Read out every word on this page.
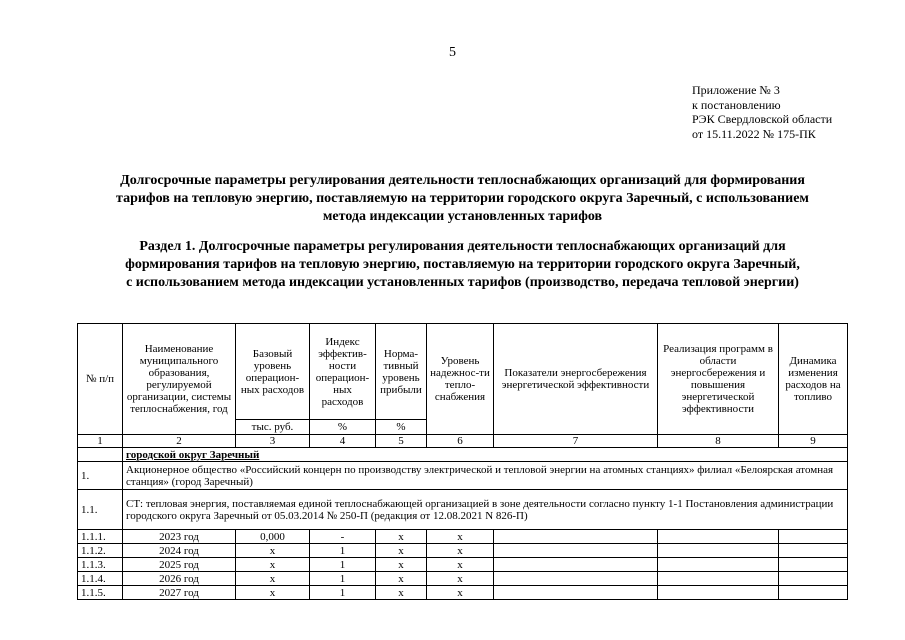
5
Приложение № 3
к постановлению
РЭК Свердловской области
от 15.11.2022 № 175-ПК
Долгосрочные параметры регулирования деятельности теплоснабжающих организаций для формирования
тарифов на тепловую энергию, поставляемую на территории городского округа Заречный, с использованием
метода индексации установленных тарифов
Раздел 1. Долгосрочные параметры регулирования деятельности теплоснабжающих организаций для
формирования тарифов на тепловую энергию, поставляемую на территории городского округа Заречный,
с использованием метода индексации установленных тарифов (производство, передача тепловой энергии)
№ п/п	Наименование муниципального образования, регулируемой организации, системы теплоснабжения, год	Базовый уровень операцион-ных расходов	Индекс эффектив-ности операцион-ных расходов	Норма-тивный уровень прибыли	Уровень надежнос-ти тепло-снабжения	Показатели энергосбережения энергетической эффективности	Реализация программ в области энергосбережения и повышения энергетической эффективности	Динамика изменения расходов на топливо
		тыс. руб.	%	%				
1	2	3	4	5	6	7	8	9
	городской округ Заречный							
1.	Акционерное общество «Российский концерн по производству электрической и тепловой энергии на атомных станциях» филиал «Белоярская атомная станция» (город Заречный)							
1.1.	СТ: тепловая энергия, поставляемая единой теплоснабжающей организацией в зоне деятельности согласно пункту 1-1 Постановления администрации городского округа Заречный от 05.03.2014 № 250-П (редакция от 12.08.2021 N 826-П)							
1.1.1.	2023 год	0,000	-	x	x			
1.1.2.	2024 год	x	1	x	x			
1.1.3.	2025 год	x	1	x	x			
1.1.4.	2026 год	x	1	x	x			
1.1.5.	2027 год	x	1	x	x			
